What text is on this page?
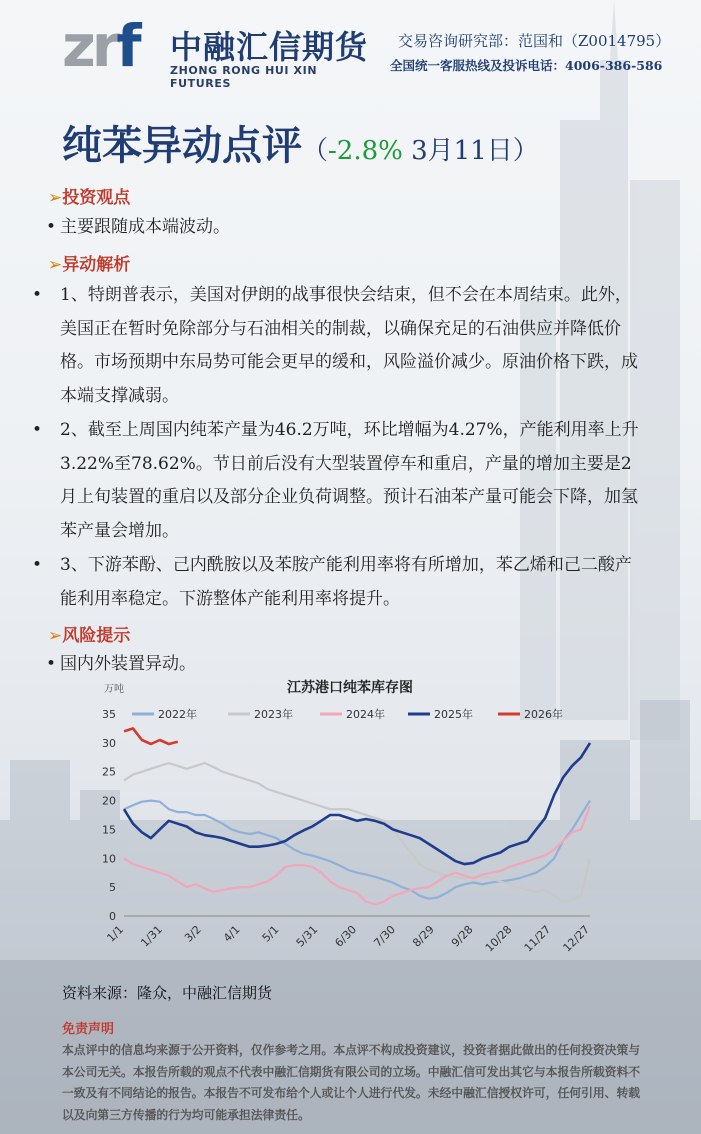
zrf 中融汇信期货
ZHONG RONG HUI XIN FUTURES
交易咨询研究部：范国和（Z0014795）
全国统一客服热线及投诉电话：4006-386-586
纯苯异动点评（-2.8% 3月11日）
➢投资观点
• 主要跟随成本端波动。
➢异动解析

• 1、特朗普表示，美国对伊朗的战事很快会结束，但不会在本周结束。此外，美国正在暂时免除部分与石油相关的制裁，以确保充足的石油供应并降低价格。市场预期中东局势可能会更早的缓和，风险溢价减少。原油价格下跌，成本端支撑减弱。

• 2、截至上周国内纯苯产量为46.2万吨，环比增幅为4.27%，产能利用率上升3.22%至78.62%。节日前后没有大型装置停车和重启，产量的增加主要是2月上旬装置的重启以及部分企业负荷调整。预计石油苯产量可能会下降，加氢苯产量会增加。

• 3、下游苯酚、己内酰胺以及苯胺产能利用率将有所增加，苯乙烯和己二酸产能利用率稳定。下游整体产能利用率将提升。

➢风险提示
• 国内外装置异动。
江苏港口纯苯库存图
万吨
0
5
10
15
20
25
30
35
1/1 1/31 3/2 4/1 5/1 5/31 6/30 7/30 8/29 9/28 10/28 11/27 12/27
2022年	2023年	2024年	2025年	2026年
资料来源：隆众，中融汇信期货
免责声明
本点评中的信息均来源于公开资料，仅作参考之用。本点评不构成投资建议，投资者据此做出的任何投资决策与本公司无关。本报告所载的观点不代表中融汇信期货有限公司的立场。中融汇信可发出其它与本报告所载资料不一致及有不同结论的报告。本报告不可发布给个人或让个人进行代发。未经中融汇信授权许可，任何引用、转载以及向第三方传播的行为均可能承担法律责任。
